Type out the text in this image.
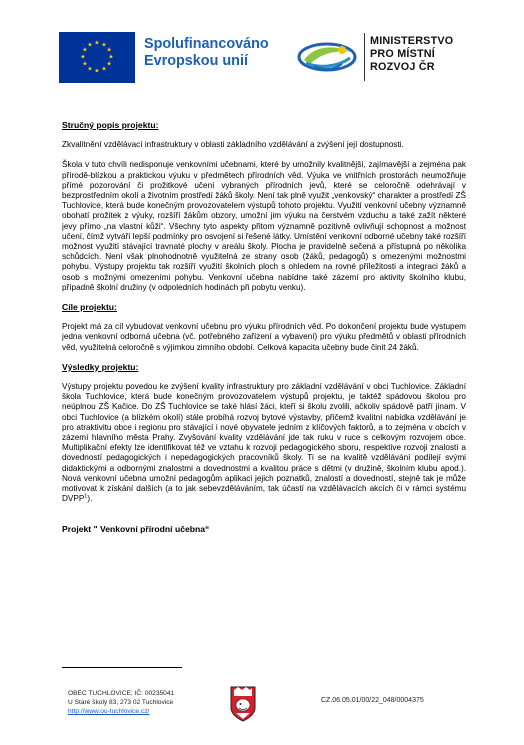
★ ★
★
★
★
★
★
★
★
★
★
★	Spolufinancováno
Evropskou unií
MINISTERSTVO
PRO MÍSTNÍ
ROZVOJ ČR

Stručný popis projektu:

Zkvalitnění vzdělávací infrastruktury v oblasti základního vzdělávání a zvýšení její dostupnosti.

Škola v tuto chvíli nedisponuje venkovními učebnami, které by umožnily kvalitnější, zajímavější a zejména pak přírodě-blízkou a praktickou výuku v předmětech přírodních věd. Výuka ve vnitřních prostorách neumožňuje přímé pozorování či prožitkové učení vybraných přírodních jevů, které se celoročně odehrávají v bezprostředním okolí a životním prostředí žáků školy. Není tak plně využit „venkovský“ charakter a prostředí ZŠ Tuchlovice, která bude konečným provozovatelem výstupů tohoto projektu. Využití venkovní učebny významně obohatí prožitek z výuky, rozšíří žákům obzory, umožní jim výuku na čerstvém vzduchu a také zažít některé jevy přímo „na vlastní kůži“. Všechny tyto aspekty přitom významně pozitivně ovlivňují schopnost a možnost učení, čímž vytváří lepší podmínky pro osvojení si řešené látky. Umístění venkovní odborné učebny také rozšíří možnost využití stávající travnaté plochy v areálu školy. Plocha je pravidelně sečená a přístupná po několika schůdcích. Není však plnohodnotně využitelná ze strany osob (žáků, pedagogů) s omezenými možnostmi pohybu. Výstupy projektu tak rozšíří využití školních ploch s ohledem na rovné příležitosti a integraci žáků a osob s možnými omezeními pohybu. Venkovní učebna nabídne také zázemí pro aktivity školního klubu, případně školní družiny (v odpoledních hodinách při pobytu venku).

Cíle projektu:

Projekt má za cíl vybudovat venkovní učebnu pro výuku přírodních věd. Po dokončení projektu bude vystupem jedna venkovní odborná učebna (vč. potřebného zařízení a vybavení) pro výuku předmětů v oblasti přírodních věd, využitelná celoročně s výjimkou zimního období. Celková kapacita učebny bude činit 24 žáků.

Výsledky projektu:

Výstupy projektu povedou ke zvýšení kvality infrastruktury pro základní vzdělávání v obci Tuchlovice. Základní škola Tuchlovice, která bude konečným provozovatelem výstupů projektu, je taktéž spádovou školou pro neúplnou ZŠ Kačice. Do ZŠ Tuchlovice se také hlásí žáci, kteří si školu zvolili, ačkoliv spádově patří jinam. V obci Tuchlovice (a blízkém okolí) stále probíhá rozvoj bytové výstavby, přičemž kvalitní nabídka vzdělávání je pro atraktivitu obce i regionu pro stávající i nové obyvatele jedním z klíčových faktorů, a to zejména v obcích v zázemí hlavního města Prahy. Zvyšování kvality vzdělávání jde tak ruku v ruce s celkovým rozvojem obce. Multiplikační efekty lze identifikovat též ve vztahu k rozvoji pedagogického sboru, respektive rozvoji znalostí a dovedností pedagogických i nepedagogických pracovníků školy. Ti se na kvalitě vzdělávání podílejí svými didaktickými a odbornými znalostmi a dovednostmi a kvalitou práce s dětmi (v družině, školním klubu apod.). Nová venkovní učebna umožní pedagogům aplikaci jejich poznatků, znalostí a dovedností, stejně tak je může motivovat k získání dalších (a to jak sebevzděláváním, tak účastí na vzdělávacích akcích či v rámci systému DVPP$^1$).

Projekt " Venkovní přírodní učebna“

OBEC TUCHLOVICE; IČ: 00235041
U Staré školy 83, 273 02 Tuchlovice
http://www.ou-tuchlovice.cz/
CZ.06.05.01/00/22_048/0004375
